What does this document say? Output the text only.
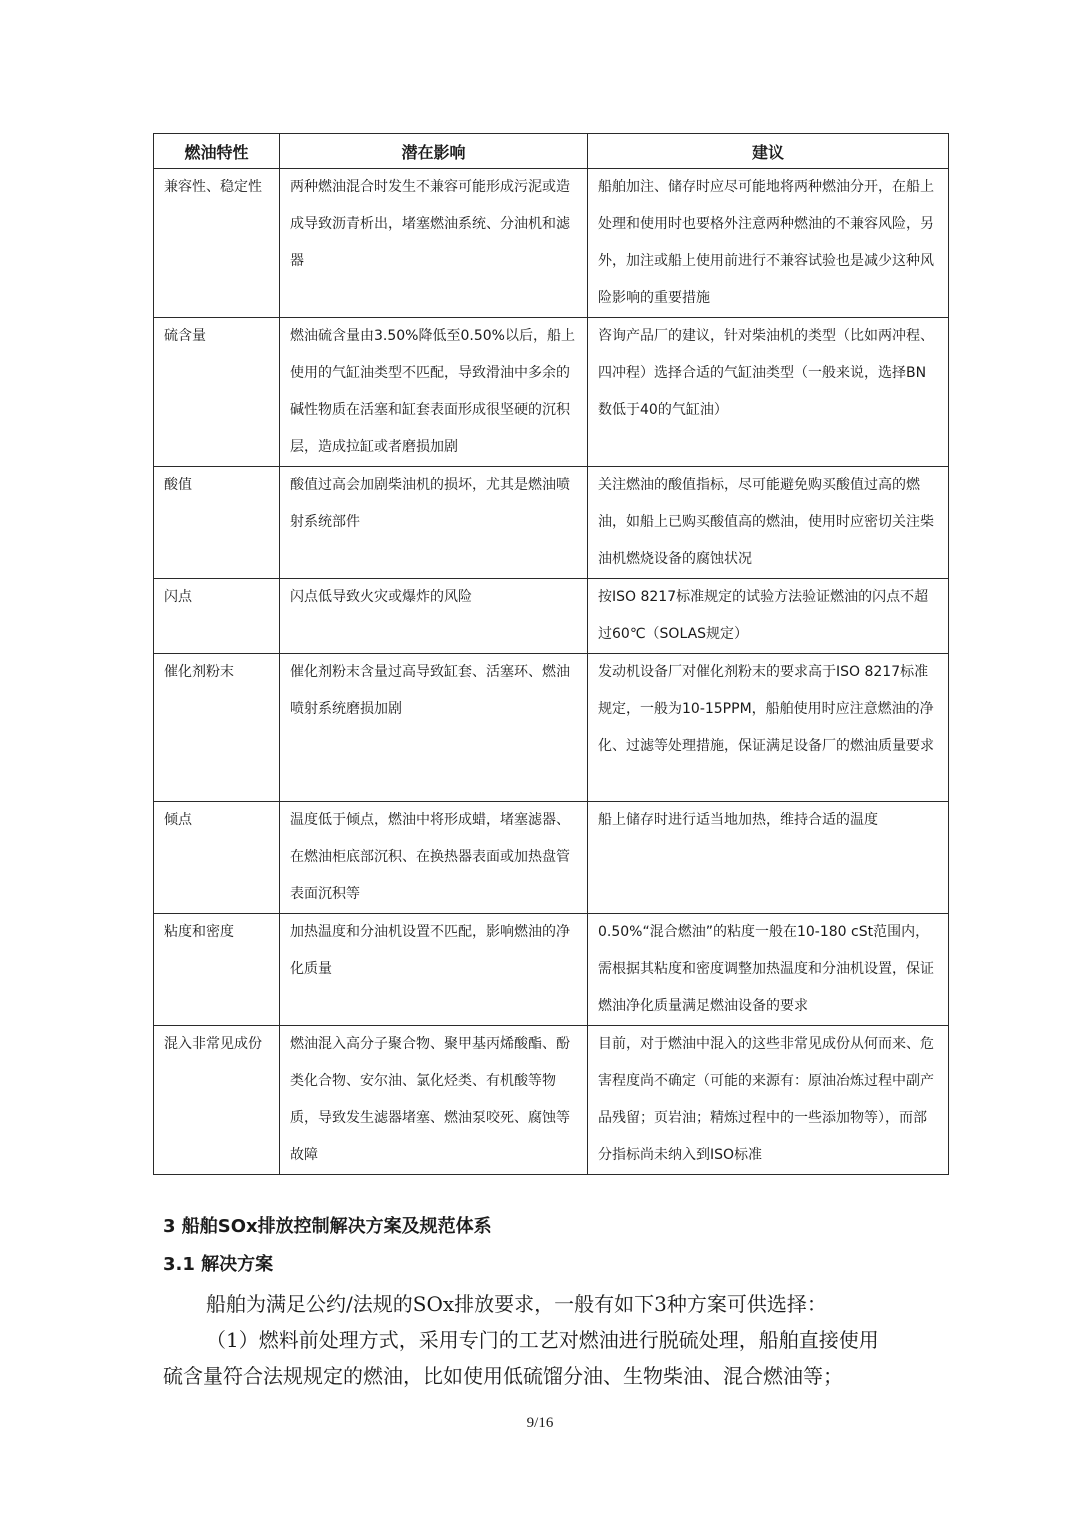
燃油特性	潜在影响	建议
兼容性、稳定性	两种燃油混合时发生不兼容可能形成污泥或造成导致沥青析出，堵塞燃油系统、分油机和滤器	船舶加注、储存时应尽可能地将两种燃油分开，在船上处理和使用时也要格外注意两种燃油的不兼容风险，另外，加注或船上使用前进行不兼容试验也是减少这种风险影响的重要措施
硫含量	燃油硫含量由3.50%降低至0.50%以后，船上使用的气缸油类型不匹配，导致滑油中多余的碱性物质在活塞和缸套表面形成很坚硬的沉积层，造成拉缸或者磨损加剧	咨询产品厂的建议，针对柴油机的类型（比如两冲程、四冲程）选择合适的气缸油类型（一般来说，选择BN数低于40的气缸油）
酸值	酸值过高会加剧柴油机的损坏，尤其是燃油喷射系统部件	关注燃油的酸值指标，尽可能避免购买酸值过高的燃油，如船上已购买酸值高的燃油，使用时应密切关注柴油机燃烧设备的腐蚀状况
闪点	闪点低导致火灾或爆炸的风险	按ISO 8217标准规定的试验方法验证燃油的闪点不超过60℃（SOLAS规定）
催化剂粉末	催化剂粉末含量过高导致缸套、活塞环、燃油喷射系统磨损加剧	发动机设备厂对催化剂粉末的要求高于ISO 8217标准规定，一般为10-15PPM，船舶使用时应注意燃油的净化、过滤等处理措施，保证满足设备厂的燃油质量要求
倾点	温度低于倾点，燃油中将形成蜡，堵塞滤器、在燃油柜底部沉积、在换热器表面或加热盘管表面沉积等	船上储存时进行适当地加热，维持合适的温度
粘度和密度	加热温度和分油机设置不匹配，影响燃油的净化质量	0.50%“混合燃油”的粘度一般在10-180 cSt范围内，需根据其粘度和密度调整加热温度和分油机设置，保证燃油净化质量满足燃油设备的要求
混入非常见成份	燃油混入高分子聚合物、聚甲基丙烯酸酯、酚类化合物、安尔油、氯化烃类、有机酸等物质，导致发生滤器堵塞、燃油泵咬死、腐蚀等故障	目前，对于燃油中混入的这些非常见成份从何而来、危害程度尚不确定（可能的来源有：原油冶炼过程中副产品残留；页岩油；精炼过程中的一些添加物等），而部分指标尚未纳入到ISO标准
3 船舶SOx排放控制解决方案及规范体系
3.1 解决方案
船舶为满足公约/法规的SOx排放要求，一般有如下3种方案可供选择：
（1）燃料前处理方式，采用专门的工艺对燃油进行脱硫处理，船舶直接使用
硫含量符合法规规定的燃油，比如使用低硫馏分油、生物柴油、混合燃油等；
9/16
